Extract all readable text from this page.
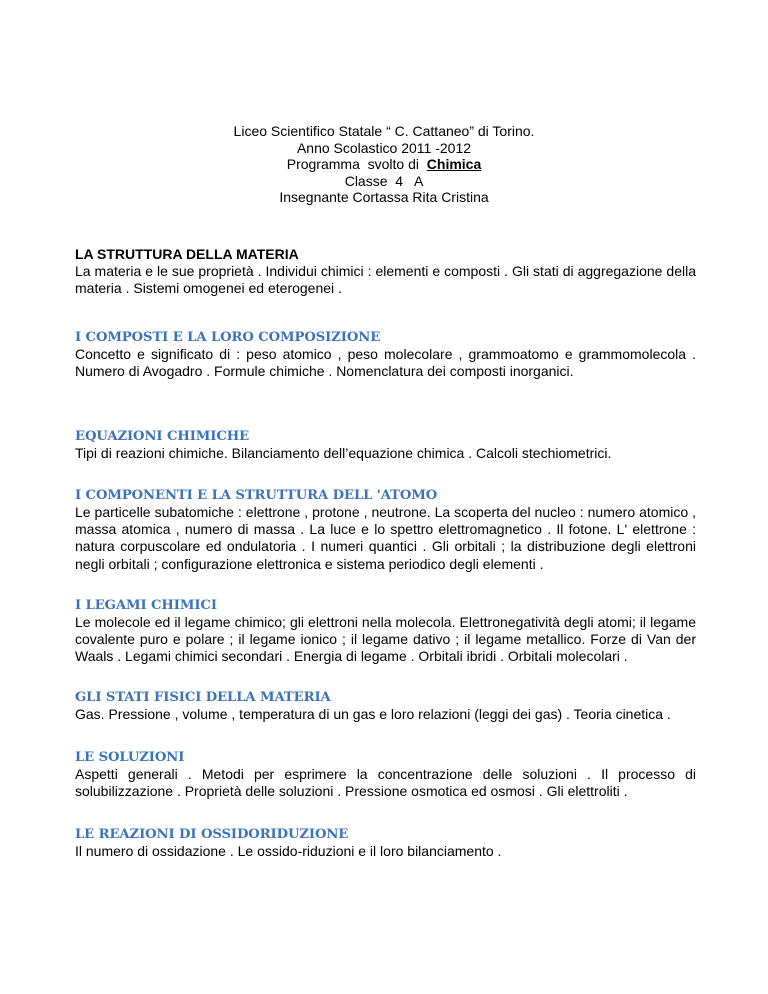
Liceo Scientifico Statale “ C. Cattaneo” di Torino.
Anno Scolastico 2011 -2012
Programma  svolto di  Chimica
Classe  4   A
Insegnante Cortassa Rita Cristina

LA STRUTTURA DELLA MATERIA

La materia e le sue proprietà . Individui chimici : elementi e composti . Gli stati di aggregazione della materia . Sistemi omogenei ed eterogenei .

I COMPOSTI E LA LORO COMPOSIZIONE

Concetto e significato di : peso atomico , peso molecolare , grammoatomo e grammomolecola . Numero di Avogadro . Formule chimiche . Nomenclatura dei composti inorganici.

EQUAZIONI CHIMICHE

Tipi di reazioni chimiche. Bilanciamento dell’equazione chimica . Calcoli stechiometrici.

I COMPONENTI E LA STRUTTURA DELL 'ATOMO

Le particelle subatomiche : elettrone , protone , neutrone. La scoperta del nucleo : numero atomico , massa atomica , numero di massa . La luce e lo spettro elettromagnetico . Il fotone. L' elettrone : natura corpuscolare ed ondulatoria . I numeri quantici . Gli orbitali ; la distribuzione degli elettroni negli orbitali ; configurazione elettronica e sistema periodico degli elementi .

I LEGAMI CHIMICI

Le molecole ed il legame chimico; gli elettroni nella molecola. Elettronegatività degli atomi; il legame covalente puro e polare ; il legame ionico ; il legame dativo ; il legame metallico. Forze di Van der Waals . Legami chimici secondari . Energia di legame . Orbitali ibridi . Orbitali molecolari .

GLI STATI FISICI DELLA MATERIA

Gas. Pressione , volume , temperatura di un gas e loro relazioni (leggi dei gas) . Teoria cinetica .

LE SOLUZIONI

Aspetti generali . Metodi per esprimere la concentrazione delle soluzioni . Il processo di solubilizzazione . Proprietà delle soluzioni . Pressione osmotica ed osmosi . Gli elettroliti .

LE REAZIONI DI OSSIDORIDUZIONE

Il numero di ossidazione . Le ossido-riduzioni e il loro bilanciamento .
